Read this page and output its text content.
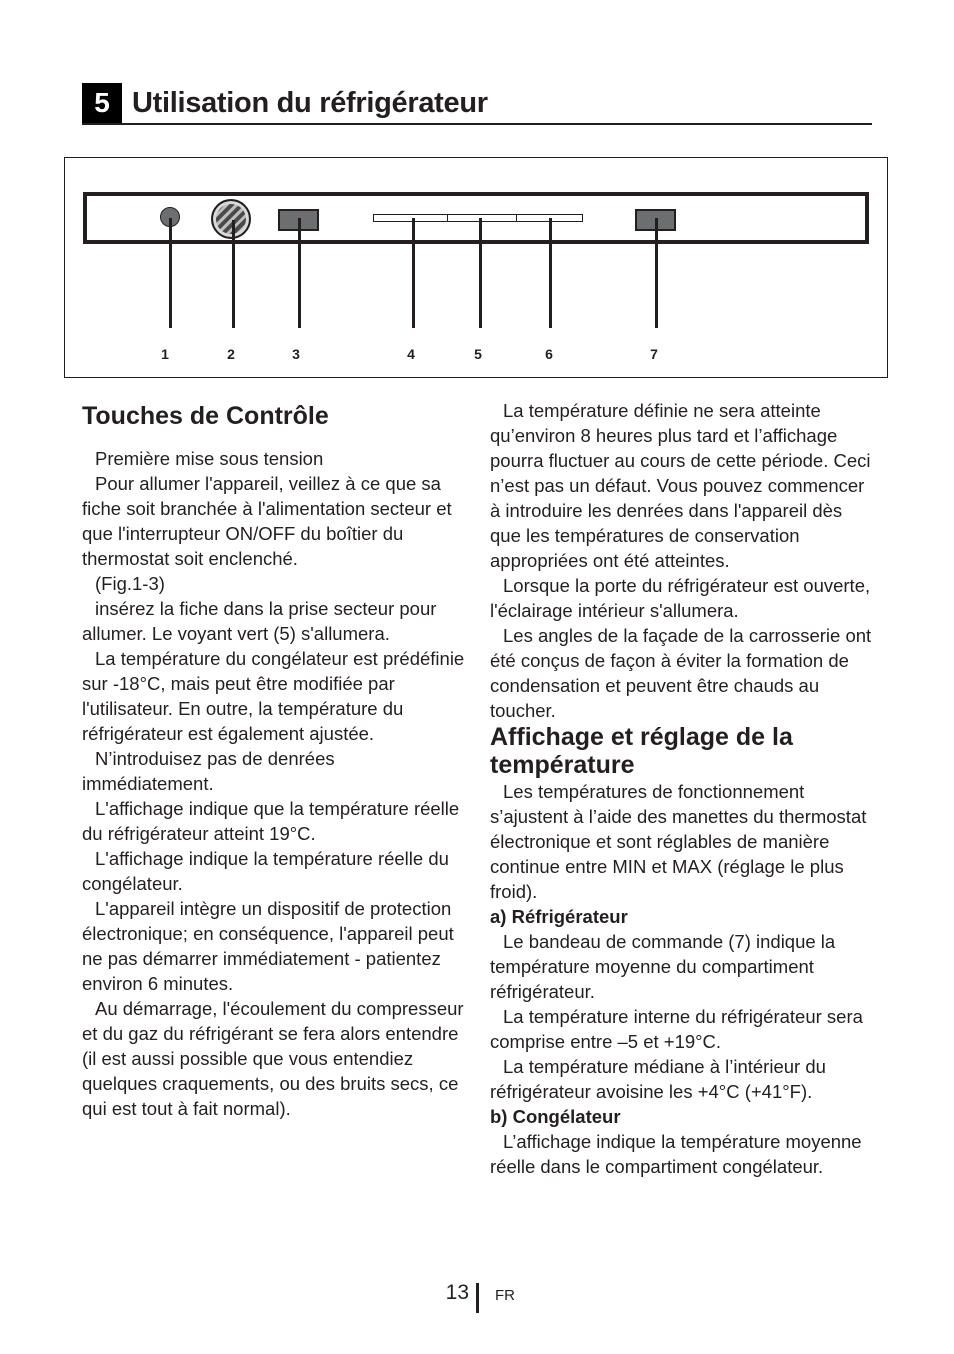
5 Utilisation du réfrigérateur
1	2	3	4	5	6	7
Touches de Contrôle

Première mise sous tension

Pour allumer l'appareil, veillez à ce que sa fiche soit branchée à l'alimentation secteur et que l'interrupteur ON/OFF du boîtier du thermostat soit enclenché.

(Fig.1-3)

insérez la fiche dans la prise secteur pour allumer. Le voyant vert (5) s'allumera.

La température du congélateur est prédéfinie sur -18°C, mais peut être modifiée par l'utilisateur. En outre, la température du réfrigérateur est également ajustée.

N’introduisez pas de denrées immédiatement.

L'affichage indique que la température réelle du réfrigérateur atteint 19°C.

L'affichage indique la température réelle du congélateur.

L'appareil intègre un dispositif de protection électronique; en conséquence, l'appareil peut ne pas démarrer immédiatement - patientez environ 6 minutes.

Au démarrage, l'écoulement du compresseur et du gaz du réfrigérant se fera alors entendre (il est aussi possible que vous entendiez quelques craquements, ou des bruits secs, ce qui est tout à fait normal).

La température définie ne sera atteinte qu’environ 8 heures plus tard et l’affichage pourra fluctuer au cours de cette période. Ceci n’est pas un défaut. Vous pouvez commencer à introduire les denrées dans l'appareil dès que les températures de conservation appropriées ont été atteintes.

Lorsque la porte du réfrigérateur est ouverte, l'éclairage intérieur s'allumera.

Les angles de la façade de la carrosserie ont été conçus de façon à éviter la formation de condensation et peuvent être chauds au toucher.

Affichage et réglage de la température

Les températures de fonctionnement s’ajustent à l’aide des manettes du thermostat électronique et sont réglables de manière continue entre MIN et MAX (réglage le plus froid).

a) Réfrigérateur

Le bandeau de commande (7) indique la température moyenne du compartiment réfrigérateur.

La température interne du réfrigérateur sera comprise entre –5 et +19°C.

La température médiane à l’intérieur du réfrigérateur avoisine les +4°C (+41°F).

b) Congélateur

L’affichage indique la température moyenne réelle dans le compartiment congélateur.

13 FR
